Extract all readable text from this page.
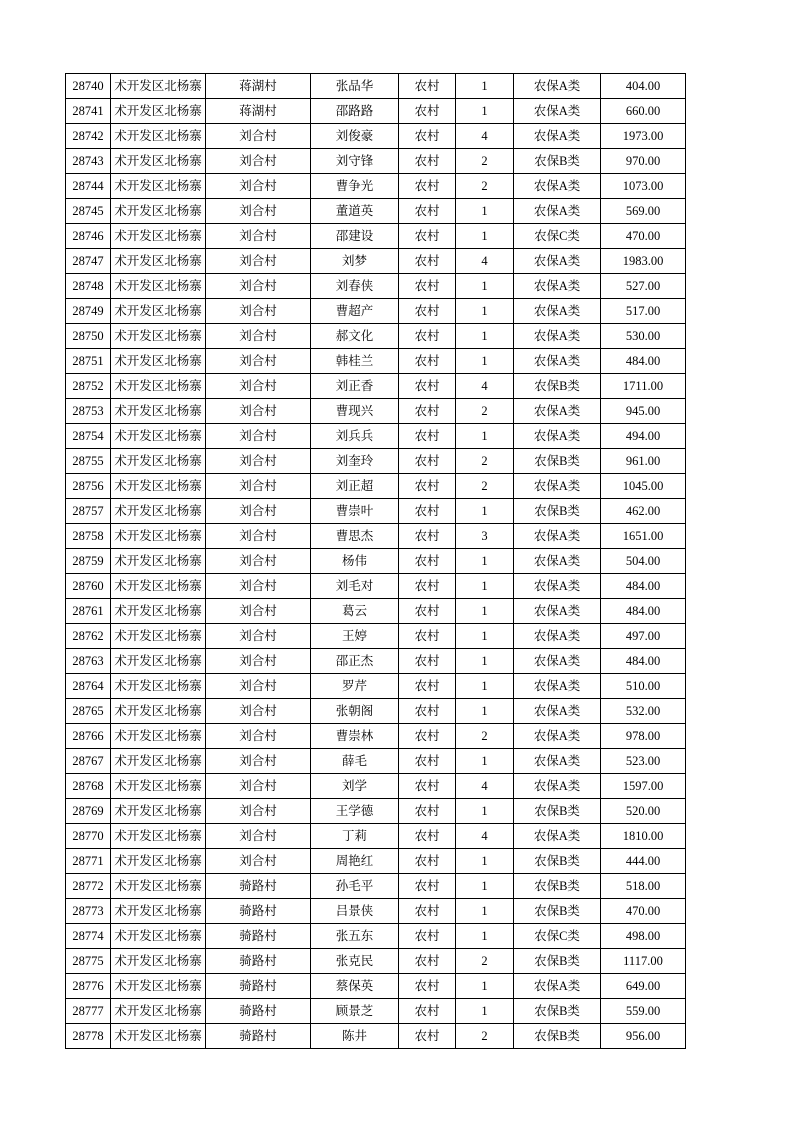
28740	术开发区北杨寨	蒋湖村	张品华	农村	1	农保A类	404.00
28741	术开发区北杨寨	蒋湖村	邵路路	农村	1	农保A类	660.00
28742	术开发区北杨寨	刘合村	刘俊豪	农村	4	农保A类	1973.00
28743	术开发区北杨寨	刘合村	刘守锋	农村	2	农保B类	970.00
28744	术开发区北杨寨	刘合村	曹争光	农村	2	农保A类	1073.00
28745	术开发区北杨寨	刘合村	董道英	农村	1	农保A类	569.00
28746	术开发区北杨寨	刘合村	邵建设	农村	1	农保C类	470.00
28747	术开发区北杨寨	刘合村	刘梦	农村	4	农保A类	1983.00
28748	术开发区北杨寨	刘合村	刘春侠	农村	1	农保A类	527.00
28749	术开发区北杨寨	刘合村	曹超产	农村	1	农保A类	517.00
28750	术开发区北杨寨	刘合村	郝文化	农村	1	农保A类	530.00
28751	术开发区北杨寨	刘合村	韩桂兰	农村	1	农保A类	484.00
28752	术开发区北杨寨	刘合村	刘正香	农村	4	农保B类	1711.00
28753	术开发区北杨寨	刘合村	曹现兴	农村	2	农保A类	945.00
28754	术开发区北杨寨	刘合村	刘兵兵	农村	1	农保A类	494.00
28755	术开发区北杨寨	刘合村	刘奎玲	农村	2	农保B类	961.00
28756	术开发区北杨寨	刘合村	刘正超	农村	2	农保A类	1045.00
28757	术开发区北杨寨	刘合村	曹崇叶	农村	1	农保B类	462.00
28758	术开发区北杨寨	刘合村	曹思杰	农村	3	农保A类	1651.00
28759	术开发区北杨寨	刘合村	杨伟	农村	1	农保A类	504.00
28760	术开发区北杨寨	刘合村	刘毛对	农村	1	农保A类	484.00
28761	术开发区北杨寨	刘合村	葛云	农村	1	农保A类	484.00
28762	术开发区北杨寨	刘合村	王婷	农村	1	农保A类	497.00
28763	术开发区北杨寨	刘合村	邵正杰	农村	1	农保A类	484.00
28764	术开发区北杨寨	刘合村	罗芹	农村	1	农保A类	510.00
28765	术开发区北杨寨	刘合村	张朝阁	农村	1	农保A类	532.00
28766	术开发区北杨寨	刘合村	曹崇林	农村	2	农保A类	978.00
28767	术开发区北杨寨	刘合村	薛毛	农村	1	农保A类	523.00
28768	术开发区北杨寨	刘合村	刘学	农村	4	农保A类	1597.00
28769	术开发区北杨寨	刘合村	王学德	农村	1	农保B类	520.00
28770	术开发区北杨寨	刘合村	丁莉	农村	4	农保A类	1810.00
28771	术开发区北杨寨	刘合村	周艳红	农村	1	农保B类	444.00
28772	术开发区北杨寨	骑路村	孙毛平	农村	1	农保B类	518.00
28773	术开发区北杨寨	骑路村	吕景侠	农村	1	农保B类	470.00
28774	术开发区北杨寨	骑路村	张五东	农村	1	农保C类	498.00
28775	术开发区北杨寨	骑路村	张克民	农村	2	农保B类	1117.00
28776	术开发区北杨寨	骑路村	蔡保英	农村	1	农保A类	649.00
28777	术开发区北杨寨	骑路村	顾景芝	农村	1	农保B类	559.00
28778	术开发区北杨寨	骑路村	陈井	农村	2	农保B类	956.00
